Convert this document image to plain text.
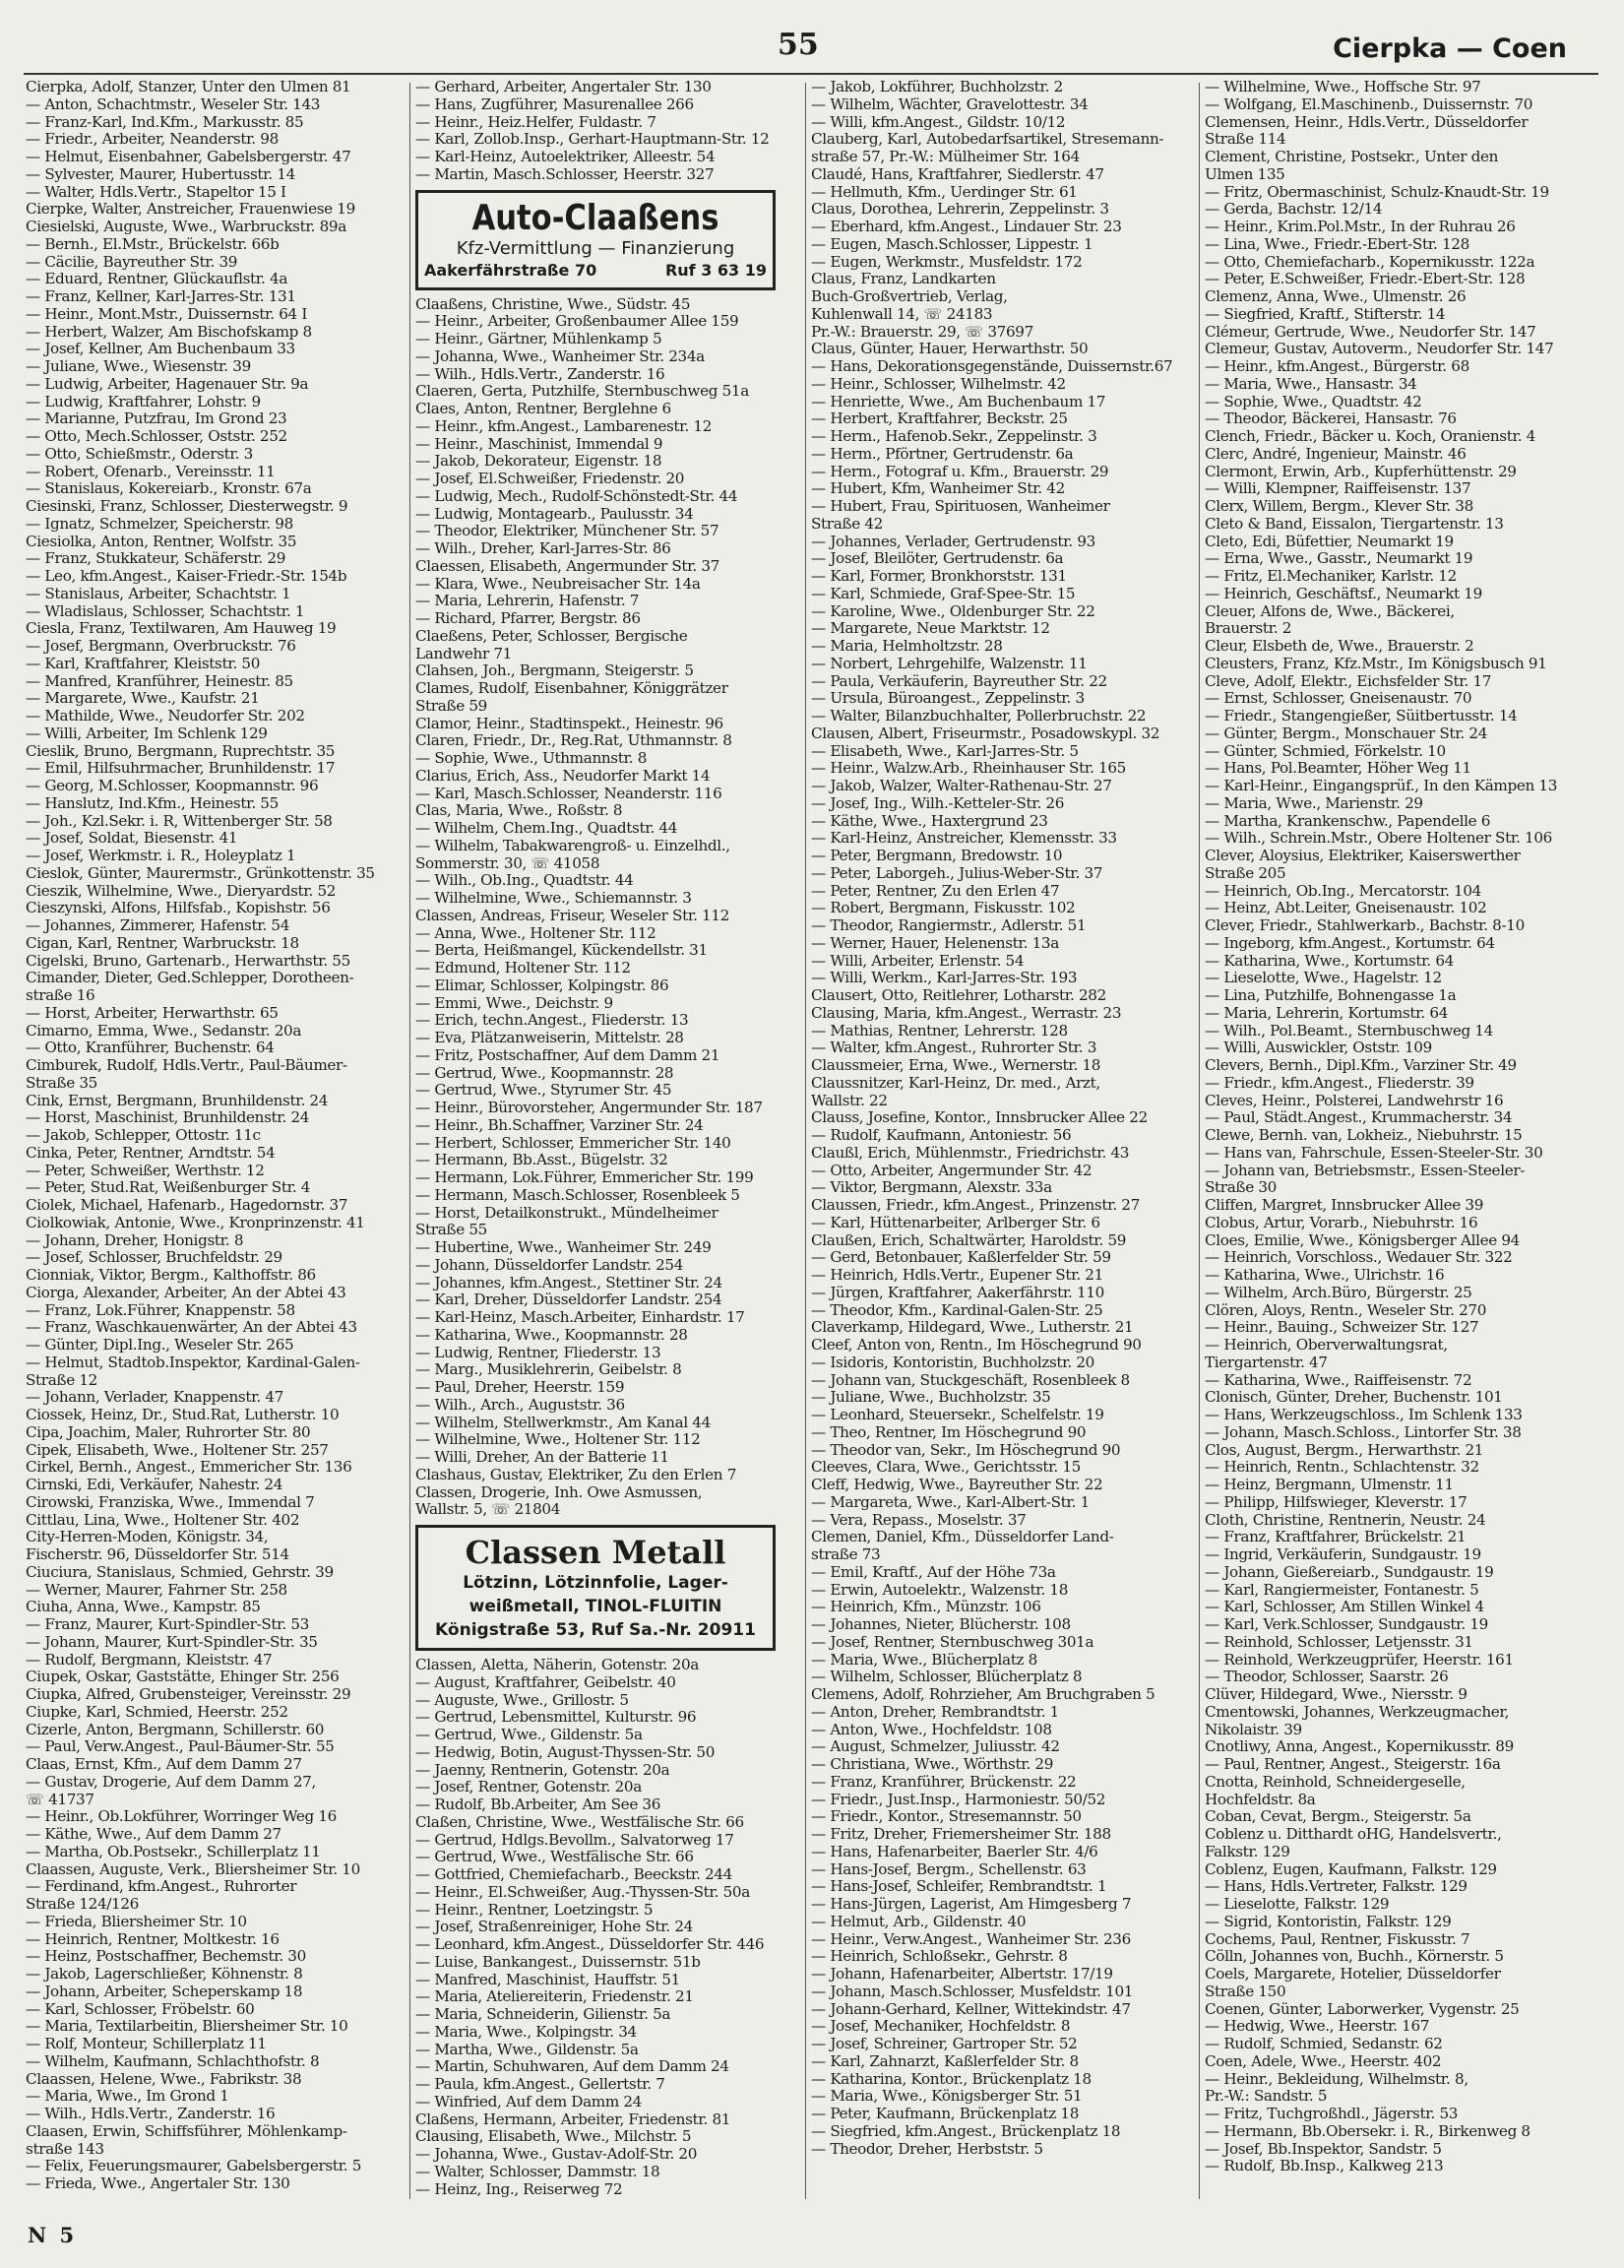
55	Cierpka — Coen
Cierpka, Adolf, Stanzer, Unter den Ulmen 81
— Anton, Schachtmstr., Weseler Str. 143
— Franz-Karl, Ind.Kfm., Markusstr. 85
— Friedr., Arbeiter, Neanderstr. 98
— Helmut, Eisenbahner, Gabelsbergerstr. 47
— Sylvester, Maurer, Hubertusstr. 14
— Walter, Hdls.Vertr., Stapeltor 15 I
Cierpke, Walter, Anstreicher, Frauenwiese 19
Ciesielski, Auguste, Wwe., Warbruckstr. 89a
— Bernh., El.Mstr., Brückelstr. 66b
— Cäcilie, Bayreuther Str. 39
— Eduard, Rentner, Glückauflstr. 4a
— Franz, Kellner, Karl-Jarres-Str. 131
— Heinr., Mont.Mstr., Duissernstr. 64 I
— Herbert, Walzer, Am Bischofskamp 8
— Josef, Kellner, Am Buchenbaum 33
— Juliane, Wwe., Wiesenstr. 39
— Ludwig, Arbeiter, Hagenauer Str. 9a
— Ludwig, Kraftfahrer, Lohstr. 9
— Marianne, Putzfrau, Im Grond 23
— Otto, Mech.Schlosser, Oststr. 252
— Otto, Schießmstr., Oderstr. 3
— Robert, Ofenarb., Vereinsstr. 11
— Stanislaus, Kokereiarb., Kronstr. 67a
Ciesinski, Franz, Schlosser, Diesterwegstr. 9
— Ignatz, Schmelzer, Speicherstr. 98
Ciesiolka, Anton, Rentner, Wolfstr. 35
— Franz, Stukkateur, Schäferstr. 29
— Leo, kfm.Angest., Kaiser-Friedr.-Str. 154b
— Stanislaus, Arbeiter, Schachtstr. 1
— Wladislaus, Schlosser, Schachtstr. 1
Ciesla, Franz, Textilwaren, Am Hauweg 19
— Josef, Bergmann, Overbruckstr. 76
— Karl, Kraftfahrer, Kleiststr. 50
— Manfred, Kranführer, Heinestr. 85
— Margarete, Wwe., Kaufstr. 21
— Mathilde, Wwe., Neudorfer Str. 202
— Willi, Arbeiter, Im Schlenk 129
Cieslik, Bruno, Bergmann, Ruprechtstr. 35
— Emil, Hilfsuhrmacher, Brunhildenstr. 17
— Georg, M.Schlosser, Koopmannstr. 96
— Hanslutz, Ind.Kfm., Heinestr. 55
— Joh., Kzl.Sekr. i. R, Wittenberger Str. 58
— Josef, Soldat, Biesenstr. 41
— Josef, Werkmstr. i. R., Holeyplatz 1
Cieslok, Günter, Maurermstr., Grünkottenstr. 35
Cieszik, Wilhelmine, Wwe., Dieryardstr. 52
Cieszynski, Alfons, Hilfsfab., Kopishstr. 56
— Johannes, Zimmerer, Hafenstr. 54
Cigan, Karl, Rentner, Warbruckstr. 18
Cigelski, Bruno, Gartenarb., Herwarthstr. 55
Cimander, Dieter, Ged.Schlepper, Dorotheen-
straße 16
— Horst, Arbeiter, Herwarthstr. 65
Cimarno, Emma, Wwe., Sedanstr. 20a
— Otto, Kranführer, Buchenstr. 64
Cimburek, Rudolf, Hdls.Vertr., Paul-Bäumer-
Straße 35
Cink, Ernst, Bergmann, Brunhildenstr. 24
— Horst, Maschinist, Brunhildenstr. 24
— Jakob, Schlepper, Ottostr. 11c
Cinka, Peter, Rentner, Arndtstr. 54
— Peter, Schweißer, Werthstr. 12
— Peter, Stud.Rat, Weißenburger Str. 4
Ciolek, Michael, Hafenarb., Hagedornstr. 37
Ciolkowiak, Antonie, Wwe., Kronprinzenstr. 41
— Johann, Dreher, Honigstr. 8
— Josef, Schlosser, Bruchfeldstr. 29
Cionniak, Viktor, Bergm., Kalthoffstr. 86
Ciorga, Alexander, Arbeiter, An der Abtei 43
— Franz, Lok.Führer, Knappenstr. 58
— Franz, Waschkauenwärter, An der Abtei 43
— Günter, Dipl.Ing., Weseler Str. 265
— Helmut, Stadtob.Inspektor, Kardinal-Galen-
Straße 12
— Johann, Verlader, Knappenstr. 47
Ciossek, Heinz, Dr., Stud.Rat, Lutherstr. 10
Cipa, Joachim, Maler, Ruhrorter Str. 80
Cipek, Elisabeth, Wwe., Holtener Str. 257
Cirkel, Bernh., Angest., Emmericher Str. 136
Cirnski, Edi, Verkäufer, Nahestr. 24
Cirowski, Franziska, Wwe., Immendal 7
Cittlau, Lina, Wwe., Holtener Str. 402
City-Herren-Moden, Königstr. 34,
Fischerstr. 96, Düsseldorfer Str. 514
Ciuciura, Stanislaus, Schmied, Gehrstr. 39
— Werner, Maurer, Fahrner Str. 258
Ciuha, Anna, Wwe., Kampstr. 85
— Franz, Maurer, Kurt-Spindler-Str. 53
— Johann, Maurer, Kurt-Spindler-Str. 35
— Rudolf, Bergmann, Kleiststr. 47
Ciupek, Oskar, Gaststätte, Ehinger Str. 256
Ciupka, Alfred, Grubensteiger, Vereinsstr. 29
Ciupke, Karl, Schmied, Heerstr. 252
Cizerle, Anton, Bergmann, Schillerstr. 60
— Paul, Verw.Angest., Paul-Bäumer-Str. 55
Claas, Ernst, Kfm., Auf dem Damm 27
— Gustav, Drogerie, Auf dem Damm 27,
☏ 41737
— Heinr., Ob.Lokführer, Worringer Weg 16
— Käthe, Wwe., Auf dem Damm 27
— Martha, Ob.Postsekr., Schillerplatz 11
Claassen, Auguste, Verk., Bliersheimer Str. 10
— Ferdinand, kfm.Angest., Ruhrorter
Straße 124/126
— Frieda, Bliersheimer Str. 10
— Heinrich, Rentner, Moltkestr. 16
— Heinz, Postschaffner, Bechemstr. 30
— Jakob, Lagerschließer, Köhnenstr. 8
— Johann, Arbeiter, Scheperskamp 18
— Karl, Schlosser, Fröbelstr. 60
— Maria, Textilarbeitin, Bliersheimer Str. 10
— Rolf, Monteur, Schillerplatz 11
— Wilhelm, Kaufmann, Schlachthofstr. 8
Claassen, Helene, Wwe., Fabrikstr. 38
— Maria, Wwe., Im Grond 1
— Wilh., Hdls.Vertr., Zanderstr. 16
Claasen, Erwin, Schiffsführer, Möhlenkamp-
straße 143
— Felix, Feuerungsmaurer, Gabelsbergerstr. 5
— Frieda, Wwe., Angertaler Str. 130
— Gerhard, Arbeiter, Angertaler Str. 130
— Hans, Zugführer, Masurenallee 266
— Heinr., Heiz.Helfer, Fuldastr. 7
— Karl, Zollob.Insp., Gerhart-Hauptmann-Str. 12
— Karl-Heinz, Autoelektriker, Alleestr. 54
— Martin, Masch.Schlosser, Heerstr. 327
Auto-Claaßens
Kfz-Vermittlung — Finanzierung
Aakerfährstraße 70	Ruf 3 63 19
Claaßens, Christine, Wwe., Südstr. 45
— Heinr., Arbeiter, Großenbaumer Allee 159
— Heinr., Gärtner, Mühlenkamp 5
— Johanna, Wwe., Wanheimer Str. 234a
— Wilh., Hdls.Vertr., Zanderstr. 16
Claeren, Gerta, Putzhilfe, Sternbuschweg 51a
Claes, Anton, Rentner, Berglehne 6
— Heinr., kfm.Angest., Lambarenestr. 12
— Heinr., Maschinist, Immendal 9
— Jakob, Dekorateur, Eigenstr. 18
— Josef, El.Schweißer, Friedenstr. 20
— Ludwig, Mech., Rudolf-Schönstedt-Str. 44
— Ludwig, Montagearb., Paulusstr. 34
— Theodor, Elektriker, Münchener Str. 57
— Wilh., Dreher, Karl-Jarres-Str. 86
Claessen, Elisabeth, Angermunder Str. 37
— Klara, Wwe., Neubreisacher Str. 14a
— Maria, Lehrerin, Hafenstr. 7
— Richard, Pfarrer, Bergstr. 86
Claeßens, Peter, Schlosser, Bergische
Landwehr 71
Clahsen, Joh., Bergmann, Steigerstr. 5
Clames, Rudolf, Eisenbahner, Königgrätzer
Straße 59
Clamor, Heinr., Stadtinspekt., Heinestr. 96
Claren, Friedr., Dr., Reg.Rat, Uthmannstr. 8
— Sophie, Wwe., Uthmannstr. 8
Clarius, Erich, Ass., Neudorfer Markt 14
— Karl, Masch.Schlosser, Neanderstr. 116
Clas, Maria, Wwe., Roßstr. 8
— Wilhelm, Chem.Ing., Quadtstr. 44
— Wilhelm, Tabakwarengroß- u. Einzelhdl.,
Sommerstr. 30, ☏ 41058
— Wilh., Ob.Ing., Quadtstr. 44
— Wilhelmine, Wwe., Schiemannstr. 3
Classen, Andreas, Friseur, Weseler Str. 112
— Anna, Wwe., Holtener Str. 112
— Berta, Heißmangel, Kückendellstr. 31
— Edmund, Holtener Str. 112
— Elimar, Schlosser, Kolpingstr. 86
— Emmi, Wwe., Deichstr. 9
— Erich, techn.Angest., Fliederstr. 13
— Eva, Plätzanweiserin, Mittelstr. 28
— Fritz, Postschaffner, Auf dem Damm 21
— Gertrud, Wwe., Koopmannstr. 28
— Gertrud, Wwe., Styrumer Str. 45
— Heinr., Bürovorsteher, Angermunder Str. 187
— Heinr., Bh.Schaffner, Varziner Str. 24
— Herbert, Schlosser, Emmericher Str. 140
— Hermann, Bb.Asst., Bügelstr. 32
— Hermann, Lok.Führer, Emmericher Str. 199
— Hermann, Masch.Schlosser, Rosenbleek 5
— Horst, Detailkonstrukt., Mündelheimer
Straße 55
— Hubertine, Wwe., Wanheimer Str. 249
— Johann, Düsseldorfer Landstr. 254
— Johannes, kfm.Angest., Stettiner Str. 24
— Karl, Dreher, Düsseldorfer Landstr. 254
— Karl-Heinz, Masch.Arbeiter, Einhardstr. 17
— Katharina, Wwe., Koopmannstr. 28
— Ludwig, Rentner, Fliederstr. 13
— Marg., Musiklehrerin, Geibelstr. 8
— Paul, Dreher, Heerstr. 159
— Wilh., Arch., Auguststr. 36
— Wilhelm, Stellwerkmstr., Am Kanal 44
— Wilhelmine, Wwe., Holtener Str. 112
— Willi, Dreher, An der Batterie 11
Clashaus, Gustav, Elektriker, Zu den Erlen 7
Classen, Drogerie, Inh. Owe Asmussen,
Wallstr. 5, ☏ 21804
Classen Metall
Lötzinn, Lötzinnfolie, Lager-
weißmetall, TINOL-FLUITIN
Königstraße 53, Ruf Sa.-Nr. 20911
Classen, Aletta, Näherin, Gotenstr. 20a
— August, Kraftfahrer, Geibelstr. 40
— Auguste, Wwe., Grillostr. 5
— Gertrud, Lebensmittel, Kulturstr. 96
— Gertrud, Wwe., Gildenstr. 5a
— Hedwig, Botin, August-Thyssen-Str. 50
— Jaenny, Rentnerin, Gotenstr. 20a
— Josef, Rentner, Gotenstr. 20a
— Rudolf, Bb.Arbeiter, Am See 36
Claßen, Christine, Wwe., Westfälische Str. 66
— Gertrud, Hdlgs.Bevollm., Salvatorweg 17
— Gertrud, Wwe., Westfälische Str. 66
— Gottfried, Chemiefacharb., Beeckstr. 244
— Heinr., El.Schweißer, Aug.-Thyssen-Str. 50a
— Heinr., Rentner, Loetzingstr. 5
— Josef, Straßenreiniger, Hohe Str. 24
— Leonhard, kfm.Angest., Düsseldorfer Str. 446
— Luise, Bankangest., Duissernstr. 51b
— Manfred, Maschinist, Hauffstr. 51
— Maria, Ateliereiterin, Friedenstr. 21
— Maria, Schneiderin, Gilienstr. 5a
— Maria, Wwe., Kolpingstr. 34
— Martha, Wwe., Gildenstr. 5a
— Martin, Schuhwaren, Auf dem Damm 24
— Paula, kfm.Angest., Gellertstr. 7
— Winfried, Auf dem Damm 24
Claßens, Hermann, Arbeiter, Friedenstr. 81
Clausing, Elisabeth, Wwe., Milchstr. 5
— Johanna, Wwe., Gustav-Adolf-Str. 20
— Walter, Schlosser, Dammstr. 18
— Heinz, Ing., Reiserweg 72
— Jakob, Lokführer, Buchholzstr. 2
— Wilhelm, Wächter, Gravelottestr. 34
— Willi, kfm.Angest., Gildstr. 10/12
Clauberg, Karl, Autobedarfsartikel, Stresemann-
straße 57, Pr.-W.: Mülheimer Str. 164
Claudé, Hans, Kraftfahrer, Siedlerstr. 47
— Hellmuth, Kfm., Uerdinger Str. 61
Claus, Dorothea, Lehrerin, Zeppelinstr. 3
— Eberhard, kfm.Angest., Lindauer Str. 23
— Eugen, Masch.Schlosser, Lippestr. 1
— Eugen, Werkmstr., Musfeldstr. 172
Claus, Franz, Landkarten
Buch-Großvertrieb, Verlag,
Kuhlenwall 14, ☏ 24183
Pr.-W.: Brauerstr. 29, ☏ 37697
Claus, Günter, Hauer, Herwarthstr. 50
— Hans, Dekorationsgegenstände, Duissernstr.67
— Heinr., Schlosser, Wilhelmstr. 42
— Henriette, Wwe., Am Buchenbaum 17
— Herbert, Kraftfahrer, Beckstr. 25
— Herm., Hafenob.Sekr., Zeppelinstr. 3
— Herm., Pförtner, Gertrudenstr. 6a
— Herm., Fotograf u. Kfm., Brauerstr. 29
— Hubert, Kfm, Wanheimer Str. 42
— Hubert, Frau, Spirituosen, Wanheimer
Straße 42
— Johannes, Verlader, Gertrudenstr. 93
— Josef, Bleilöter, Gertrudenstr. 6a
— Karl, Former, Bronkhorststr. 131
— Karl, Schmiede, Graf-Spee-Str. 15
— Karoline, Wwe., Oldenburger Str. 22
— Margarete, Neue Marktstr. 12
— Maria, Helmholtzstr. 28
— Norbert, Lehrgehilfe, Walzenstr. 11
— Paula, Verkäuferin, Bayreuther Str. 22
— Ursula, Büroangest., Zeppelinstr. 3
— Walter, Bilanzbuchhalter, Pollerbruchstr. 22
Clausen, Albert, Friseurmstr., Posadowskypl. 32
— Elisabeth, Wwe., Karl-Jarres-Str. 5
— Heinr., Walzw.Arb., Rheinhauser Str. 165
— Jakob, Walzer, Walter-Rathenau-Str. 27
— Josef, Ing., Wilh.-Ketteler-Str. 26
— Käthe, Wwe., Haxtergrund 23
— Karl-Heinz, Anstreicher, Klemensstr. 33
— Peter, Bergmann, Bredowstr. 10
— Peter, Laborgeh., Julius-Weber-Str. 37
— Peter, Rentner, Zu den Erlen 47
— Robert, Bergmann, Fiskusstr. 102
— Theodor, Rangiermstr., Adlerstr. 51
— Werner, Hauer, Helenenstr. 13a
— Willi, Arbeiter, Erlenstr. 54
— Willi, Werkm., Karl-Jarres-Str. 193
Clausert, Otto, Reitlehrer, Lotharstr. 282
Clausing, Maria, kfm.Angest., Werrastr. 23
— Mathias, Rentner, Lehrerstr. 128
— Walter, kfm.Angest., Ruhrorter Str. 3
Claussmeier, Erna, Wwe., Wernerstr. 18
Claussnitzer, Karl-Heinz, Dr. med., Arzt,
Wallstr. 22
Clauss, Josefine, Kontor., Innsbrucker Allee 22
— Rudolf, Kaufmann, Antoniestr. 56
Claußl, Erich, Mühlenmstr., Friedrichstr. 43
— Otto, Arbeiter, Angermunder Str. 42
— Viktor, Bergmann, Alexstr. 33a
Claussen, Friedr., kfm.Angest., Prinzenstr. 27
— Karl, Hüttenarbeiter, Arlberger Str. 6
Claußen, Erich, Schaltwärter, Haroldstr. 59
— Gerd, Betonbauer, Kaßlerfelder Str. 59
— Heinrich, Hdls.Vertr., Eupener Str. 21
— Jürgen, Kraftfahrer, Aakerfährstr. 110
— Theodor, Kfm., Kardinal-Galen-Str. 25
Claverkamp, Hildegard, Wwe., Lutherstr. 21
Cleef, Anton von, Rentn., Im Höschegrund 90
— Isidoris, Kontoristin, Buchholzstr. 20
— Johann van, Stuckgeschäft, Rosenbleek 8
— Juliane, Wwe., Buchholzstr. 35
— Leonhard, Steuersekr., Schelfelstr. 19
— Theo, Rentner, Im Höschegrund 90
— Theodor van, Sekr., Im Höschegrund 90
Cleeves, Clara, Wwe., Gerichtsstr. 15
Cleff, Hedwig, Wwe., Bayreuther Str. 22
— Margareta, Wwe., Karl-Albert-Str. 1
— Vera, Repass., Moselstr. 37
Clemen, Daniel, Kfm., Düsseldorfer Land-
straße 73
— Emil, Kraftf., Auf der Höhe 73a
— Erwin, Autoelektr., Walzenstr. 18
— Heinrich, Kfm., Münzstr. 106
— Johannes, Nieter, Blücherstr. 108
— Josef, Rentner, Sternbuschweg 301a
— Maria, Wwe., Blücherplatz 8
— Wilhelm, Schlosser, Blücherplatz 8
Clemens, Adolf, Rohrzieher, Am Bruchgraben 5
— Anton, Dreher, Rembrandtstr. 1
— Anton, Wwe., Hochfeldstr. 108
— August, Schmelzer, Juliusstr. 42
— Christiana, Wwe., Wörthstr. 29
— Franz, Kranführer, Brückenstr. 22
— Friedr., Just.Insp., Harmoniestr. 50/52
— Friedr., Kontor., Stresemannstr. 50
— Fritz, Dreher, Friemersheimer Str. 188
— Hans, Hafenarbeiter, Baerler Str. 4/6
— Hans-Josef, Bergm., Schellenstr. 63
— Hans-Josef, Schleifer, Rembrandtstr. 1
— Hans-Jürgen, Lagerist, Am Himgesberg 7
— Helmut, Arb., Gildenstr. 40
— Heinr., Verw.Angest., Wanheimer Str. 236
— Heinrich, Schloßsekr., Gehrstr. 8
— Johann, Hafenarbeiter, Albertstr. 17/19
— Johann, Masch.Schlosser, Musfeldstr. 101
— Johann-Gerhard, Kellner, Wittekindstr. 47
— Josef, Mechaniker, Hochfeldstr. 8
— Josef, Schreiner, Gartroper Str. 52
— Karl, Zahnarzt, Kaßlerfelder Str. 8
— Katharina, Kontor., Brückenplatz 18
— Maria, Wwe., Königsberger Str. 51
— Peter, Kaufmann, Brückenplatz 18
— Siegfried, kfm.Angest., Brückenplatz 18
— Theodor, Dreher, Herbststr. 5
— Wilhelmine, Wwe., Hoffsche Str. 97
— Wolfgang, El.Maschinenb., Duissernstr. 70
Clemensen, Heinr., Hdls.Vertr., Düsseldorfer
Straße 114
Clement, Christine, Postsekr., Unter den
Ulmen 135
— Fritz, Obermaschinist, Schulz-Knaudt-Str. 19
— Gerda, Bachstr. 12/14
— Heinr., Krim.Pol.Mstr., In der Ruhrau 26
— Lina, Wwe., Friedr.-Ebert-Str. 128
— Otto, Chemiefacharb., Kopernikusstr. 122a
— Peter, E.Schweißer, Friedr.-Ebert-Str. 128
Clemenz, Anna, Wwe., Ulmenstr. 26
— Siegfried, Kraftf., Stifterstr. 14
Clémeur, Gertrude, Wwe., Neudorfer Str. 147
Clemeur, Gustav, Autoverm., Neudorfer Str. 147
— Heinr., kfm.Angest., Bürgerstr. 68
— Maria, Wwe., Hansastr. 34
— Sophie, Wwe., Quadtstr. 42
— Theodor, Bäckerei, Hansastr. 76
Clench, Friedr., Bäcker u. Koch, Oranienstr. 4
Clerc, André, Ingenieur, Mainstr. 46
Clermont, Erwin, Arb., Kupferhüttenstr. 29
— Willi, Klempner, Raiffeisenstr. 137
Clerx, Willem, Bergm., Klever Str. 38
Cleto & Band, Eissalon, Tiergartenstr. 13
Cleto, Edi, Büfettier, Neumarkt 19
— Erna, Wwe., Gasstr., Neumarkt 19
— Fritz, El.Mechaniker, Karlstr. 12
— Heinrich, Geschäftsf., Neumarkt 19
Cleuer, Alfons de, Wwe., Bäckerei,
Brauerstr. 2
Cleur, Elsbeth de, Wwe., Brauerstr. 2
Cleusters, Franz, Kfz.Mstr., Im Königsbusch 91
Cleve, Adolf, Elektr., Eichsfelder Str. 17
— Ernst, Schlosser, Gneisenaustr. 70
— Friedr., Stangengießer, Süitbertusstr. 14
— Günter, Bergm., Monschauer Str. 24
— Günter, Schmied, Förkelstr. 10
— Hans, Pol.Beamter, Höher Weg 11
— Karl-Heinr., Eingangsprüf., In den Kämpen 13
— Maria, Wwe., Marienstr. 29
— Martha, Krankenschw., Papendelle 6
— Wilh., Schrein.Mstr., Obere Holtener Str. 106
Clever, Aloysius, Elektriker, Kaiserswerther
Straße 205
— Heinrich, Ob.Ing., Mercatorstr. 104
— Heinz, Abt.Leiter, Gneisenaustr. 102
Clever, Friedr., Stahlwerkarb., Bachstr. 8-10
— Ingeborg, kfm.Angest., Kortumstr. 64
— Katharina, Wwe., Kortumstr. 64
— Lieselotte, Wwe., Hagelstr. 12
— Lina, Putzhilfe, Bohnengasse 1a
— Maria, Lehrerin, Kortumstr. 64
— Wilh., Pol.Beamt., Sternbuschweg 14
— Willi, Auswickler, Oststr. 109
Clevers, Bernh., Dipl.Kfm., Varziner Str. 49
— Friedr., kfm.Angest., Fliederstr. 39
Cleves, Heinr., Polsterei, Landwehrstr 16
— Paul, Städt.Angest., Krummacherstr. 34
Clewe, Bernh. van, Lokheiz., Niebuhrstr. 15
— Hans van, Fahrschule, Essen-Steeler-Str. 30
— Johann van, Betriebsmstr., Essen-Steeler-
Straße 30
Cliffen, Margret, Innsbrucker Allee 39
Clobus, Artur, Vorarb., Niebuhrstr. 16
Cloes, Emilie, Wwe., Königsberger Allee 94
— Heinrich, Vorschloss., Wedauer Str. 322
— Katharina, Wwe., Ulrichstr. 16
— Wilhelm, Arch.Büro, Bürgerstr. 25
Clören, Aloys, Rentn., Weseler Str. 270
— Heinr., Bauing., Schweizer Str. 127
— Heinrich, Oberverwaltungsrat,
Tiergartenstr. 47
— Katharina, Wwe., Raiffeisenstr. 72
Clonisch, Günter, Dreher, Buchenstr. 101
— Hans, Werkzeugschloss., Im Schlenk 133
— Johann, Masch.Schloss., Lintorfer Str. 38
Clos, August, Bergm., Herwarthstr. 21
— Heinrich, Rentn., Schlachtenstr. 32
— Heinz, Bergmann, Ulmenstr. 11
— Philipp, Hilfswieger, Kleverstr. 17
Cloth, Christine, Rentnerin, Neustr. 24
— Franz, Kraftfahrer, Brückelstr. 21
— Ingrid, Verkäuferin, Sundgaustr. 19
— Johann, Gießereiarb., Sundgaustr. 19
— Karl, Rangiermeister, Fontanestr. 5
— Karl, Schlosser, Am Stillen Winkel 4
— Karl, Verk.Schlosser, Sundgaustr. 19
— Reinhold, Schlosser, Letjensstr. 31
— Reinhold, Werkzeugprüfer, Heerstr. 161
— Theodor, Schlosser, Saarstr. 26
Clüver, Hildegard, Wwe., Niersstr. 9
Cmentowski, Johannes, Werkzeugmacher,
Nikolaistr. 39
Cnotliwy, Anna, Angest., Kopernikusstr. 89
— Paul, Rentner, Angest., Steigerstr. 16a
Cnotta, Reinhold, Schneidergeselle,
Hochfeldstr. 8a
Coban, Cevat, Bergm., Steigerstr. 5a
Coblenz u. Ditthardt oHG, Handelsvertr.,
Falkstr. 129
Coblenz, Eugen, Kaufmann, Falkstr. 129
— Hans, Hdls.Vertreter, Falkstr. 129
— Lieselotte, Falkstr. 129
— Sigrid, Kontoristin, Falkstr. 129
Cochems, Paul, Rentner, Fiskusstr. 7
Cölln, Johannes von, Buchh., Körnerstr. 5
Coels, Margarete, Hotelier, Düsseldorfer
Straße 150
Coenen, Günter, Laborwerker, Vygenstr. 25
— Hedwig, Wwe., Heerstr. 167
— Rudolf, Schmied, Sedanstr. 62
Coen, Adele, Wwe., Heerstr. 402
— Heinr., Bekleidung, Wilhelmstr. 8,
Pr.-W.: Sandstr. 5
— Fritz, Tuchgroßhdl., Jägerstr. 53
— Hermann, Bb.Obersekr. i. R., Birkenweg 8
— Josef, Bb.Inspektor, Sandstr. 5
— Rudolf, Bb.Insp., Kalkweg 213
N 5
